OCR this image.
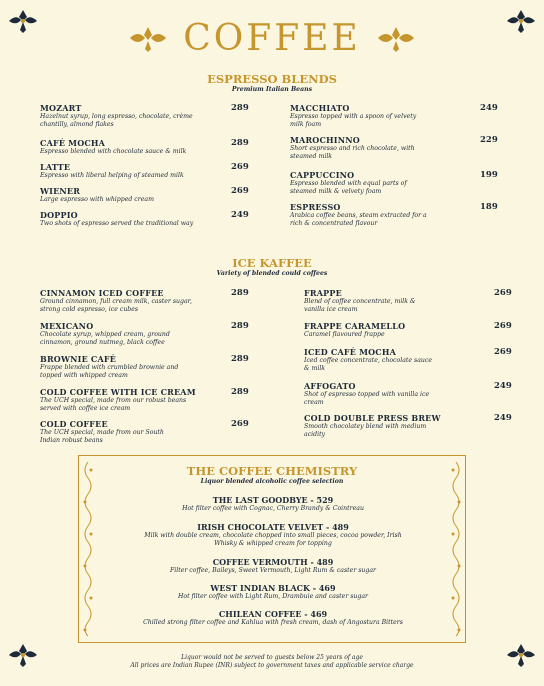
COFFEE
ESPRESSO BLENDS
Premium Italian Beans
MOZART
Hazelnut syrup, long espresso, chocolate, crème chantilly, almond flakes
289
CAFÉ MOCHA
Espresso blended with chocolate sauce & milk
289
LATTE
Espresso with liberal helping of steamed milk
269
WIENER
Large espresso with whipped cream
269
DOPPIO
Two shots of espresso served the traditional way
249
MACCHIATO
Espresso topped with a spoon of velvety milk foam
249
MAROCHINNO
Short espresso and rich chocolate, with steamed milk
229
CAPPUCCINO
Espresso blended with equal parts of steamed milk & velvety foam
199
ESPRESSO
Arabica coffee beans, steam extracted for a rich & concentrated flavour
189
ICE KAFFEE
Variety of blended could coffees
CINNAMON ICED COFFEE
Ground cinnamon, full cream milk, caster sugar, strong cold espresso, ice cubes
289
MEXICANO
Chocolate syrup, whipped cream, ground cinnamon, ground nutmeg, black coffee
289
BROWNIE CAFÉ
Frappe blended with crumbled brownie and topped with whipped cream
289
COLD COFFEE WITH ICE CREAM
The UCH special, made from our robust beans served with coffee ice cream
289
COLD COFFEE
The UCH special, made from our South Indian robust beans
269
FRAPPE
Blend of coffee concentrate, milk & vanilla ice cream
269
FRAPPE CARAMELLO
Caramel flavoured frappe
269
ICED CAFÉ MOCHA
Iced coffee concentrate, chocolate sauce & milk
269
AFFOGATO
Shot of espresso topped with vanilla ice cream
249
COLD DOUBLE PRESS BREW
Smooth chocolatey blend with medium acidity
249
THE COFFEE CHEMISTRY
Liquor blended alcoholic coffee selection
THE LAST GOODBYE - 529
Hot filter coffee with Cognac, Cherry Brandy & Cointreau
IRISH CHOCOLATE VELVET - 489
Milk with double cream, chocolate chopped into small pieces, cocoa powder, Irish Whisky & whipped cream for topping
COFFEE VERMOUTH - 489
Filter coffee, Baileys, Sweet Vermouth, Light Rum & caster sugar
WEST INDIAN BLACK - 469
Hot filter coffee with Light Rum, Drambuie and caster sugar
CHILEAN COFFEE - 469
Chilled strong filter coffee and Kahlua with fresh cream, dash of Angostura Bitters
Liquor would not be served to guests below 25 years of age
All prices are Indian Rupee (INR) subject to government taxes and applicable service charge
